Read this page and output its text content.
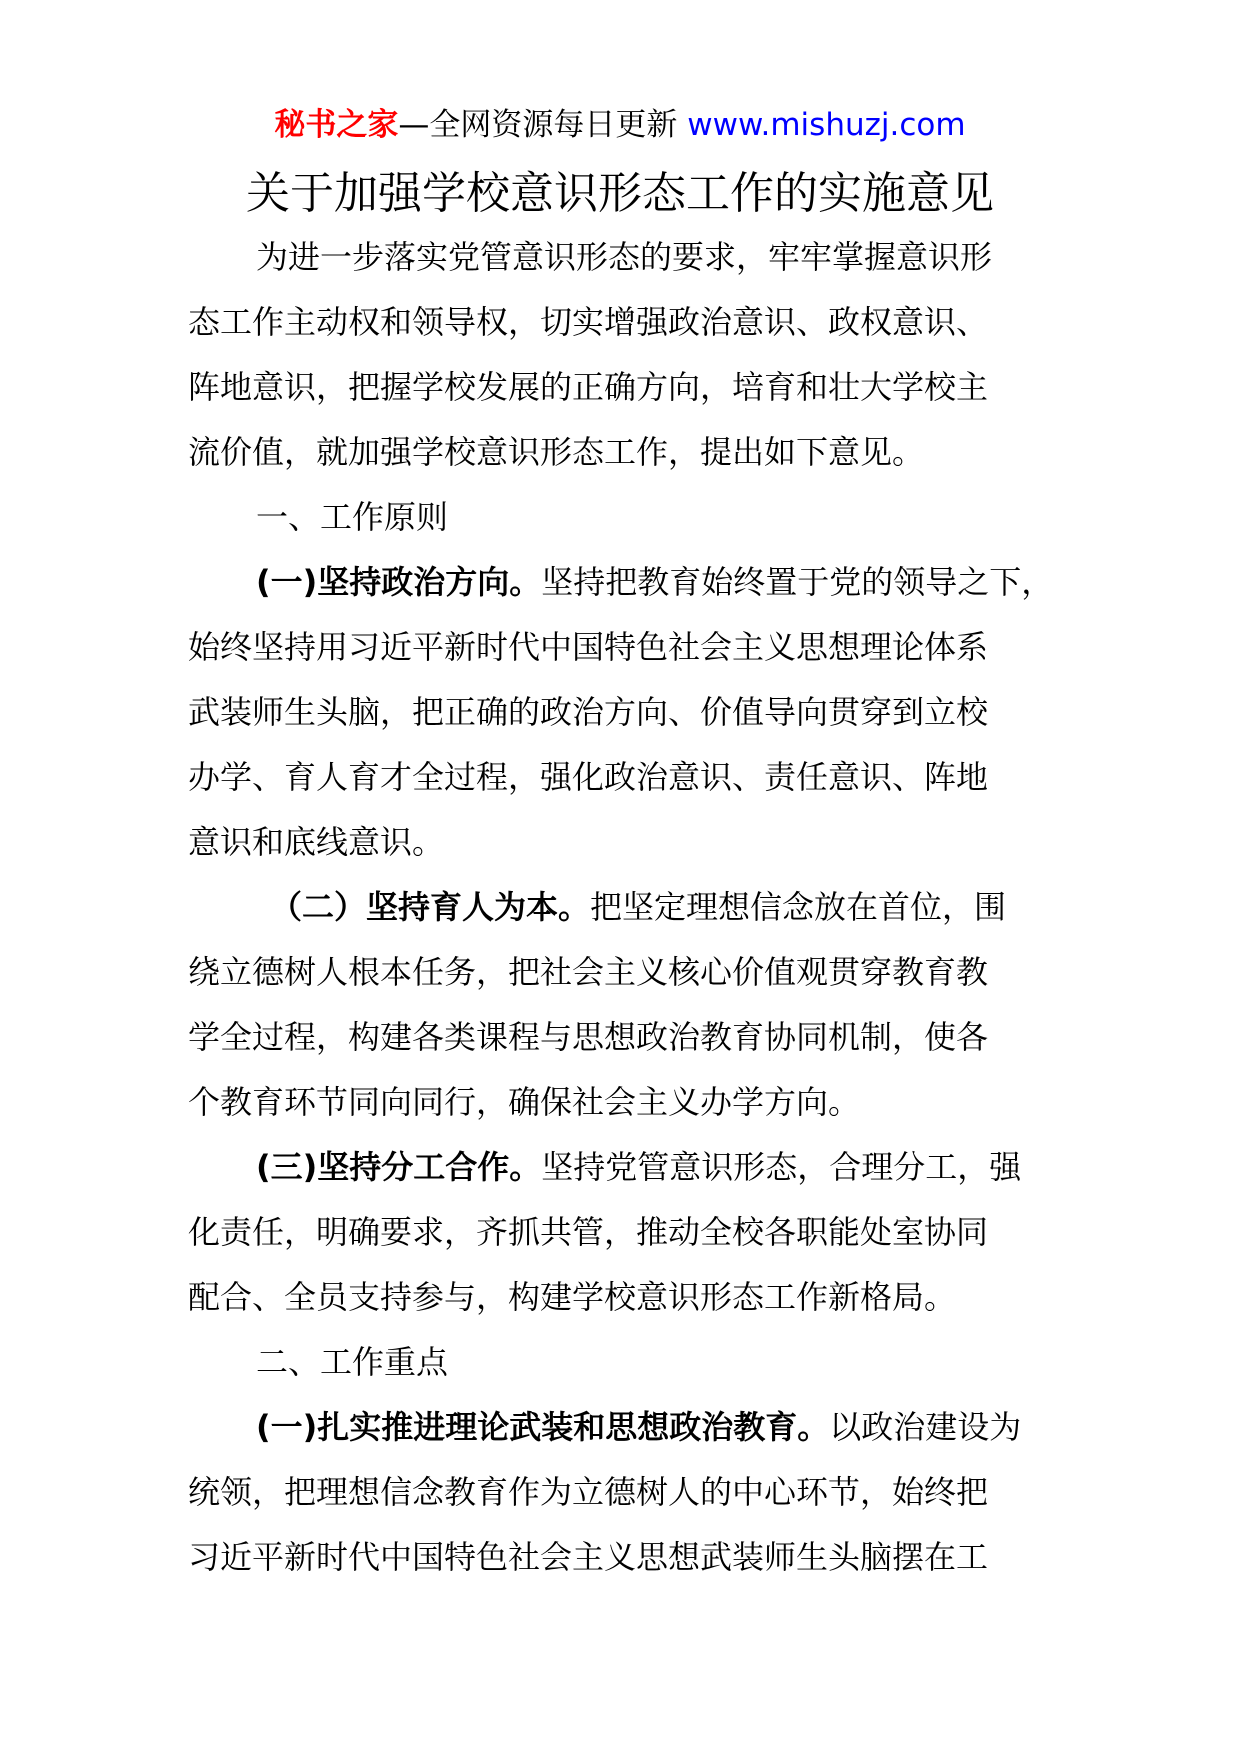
秘书之家—全网资源每日更新 www.mishuzj.com
关于加强学校意识形态工作的实施意见
为进一步落实党管意识形态的要求，牢牢掌握意识形
态工作主动权和领导权，切实增强政治意识、政权意识、
阵地意识，把握学校发展的正确方向，培育和壮大学校主
流价值，就加强学校意识形态工作，提出如下意见。
一、工作原则
(一)坚持政治方向。坚持把教育始终置于党的领导之下，
始终坚持用习近平新时代中国特色社会主义思想理论体系
武装师生头脑，把正确的政治方向、价值导向贯穿到立校
办学、育人育才全过程，强化政治意识、责任意识、阵地
意识和底线意识。
（二）坚持育人为本。把坚定理想信念放在首位，围
绕立德树人根本任务，把社会主义核心价值观贯穿教育教
学全过程，构建各类课程与思想政治教育协同机制，使各
个教育环节同向同行，确保社会主义办学方向。
(三)坚持分工合作。坚持党管意识形态，合理分工，强
化责任，明确要求，齐抓共管，推动全校各职能处室协同
配合、全员支持参与，构建学校意识形态工作新格局。
二、工作重点
(一)扎实推进理论武装和思想政治教育。以政治建设为
统领，把理想信念教育作为立德树人的中心环节，始终把
习近平新时代中国特色社会主义思想武装师生头脑摆在工
